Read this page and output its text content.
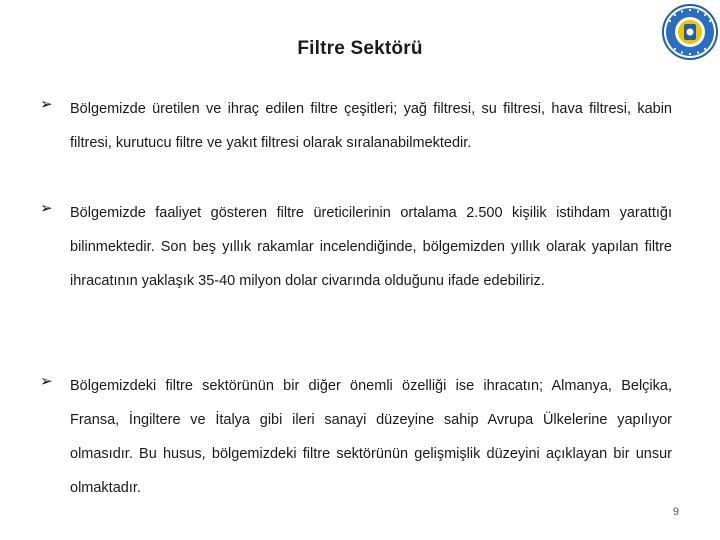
Filtre Sektörü
➢ Bölgemizde üretilen ve ihraç edilen filtre çeşitleri; yağ filtresi, su filtresi, hava filtresi, kabin filtresi, kurutucu filtre ve yakıt filtresi olarak sıralanabilmektedir.
➢ Bölgemizde faaliyet gösteren filtre üreticilerinin ortalama 2.500 kişilik istihdam yarattığı bilinmektedir. Son beş yıllık rakamlar incelendiğinde, bölgemizden yıllık olarak yapılan filtre ihracatının yaklaşık 35-40 milyon dolar civarında olduğunu ifade edebiliriz.
➢ Bölgemizdeki filtre sektörünün bir diğer önemli özelliği ise ihracatın; Almanya, Belçika, Fransa, İngiltere ve İtalya gibi ileri sanayi düzeyine sahip Avrupa Ülkelerine yapılıyor olmasıdır. Bu husus, bölgemizdeki filtre sektörünün gelişmişlik düzeyini açıklayan bir unsur olmaktadır.
9
